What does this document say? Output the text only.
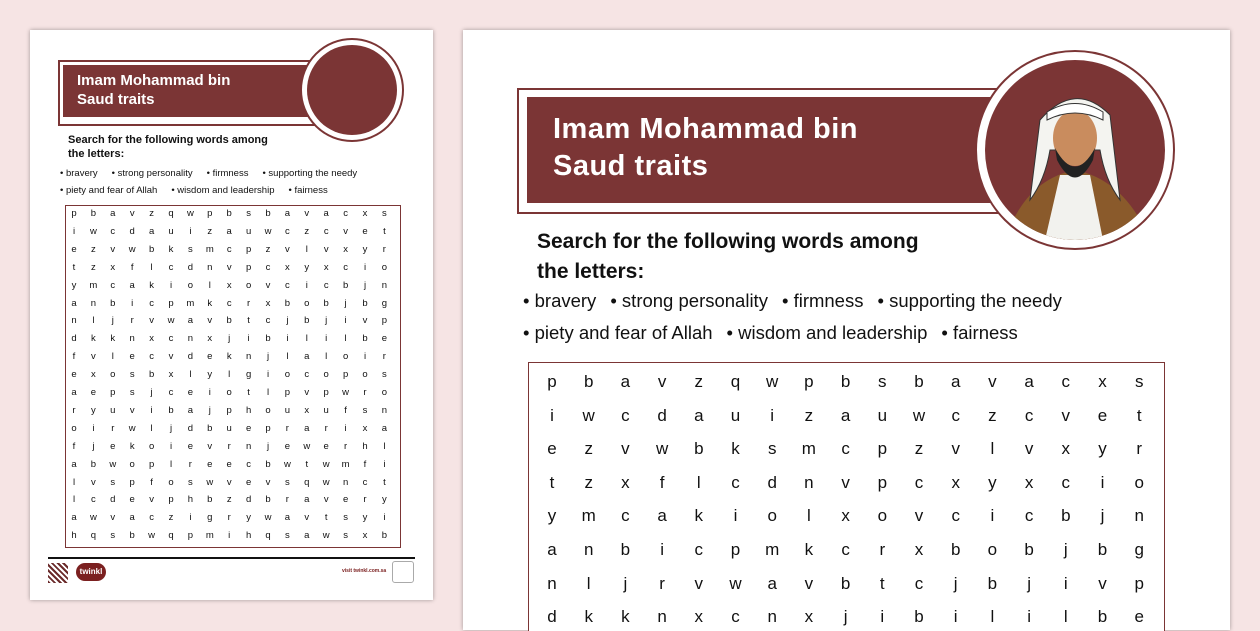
Imam Mohammad bin
Saud traits
Search for the following words among
the letters:
• bravery • strong personality • firmness • supporting the needy
• piety and fear of Allah • wisdom and leadership • fairness
p	b	a	v	z	q	w	p	b	s	b	a	v	a	c	x	s
i	w	c	d	a	u	i	z	a	u	w	c	z	c	v	e	t
e	z	v	w	b	k	s	m	c	p	z	v	l	v	x	y	r
t	z	x	f	l	c	d	n	v	p	c	x	y	x	c	i	o
y	m	c	a	k	i	o	l	x	o	v	c	i	c	b	j	n
a	n	b	i	c	p	m	k	c	r	x	b	o	b	j	b	g
n	l	j	r	v	w	a	v	b	t	c	j	b	j	i	v	p
d	k	k	n	x	c	n	x	j	i	b	i	l	i	l	b	e
f	v	l	e	c	v	d	e	k	n	j	l	a	l	o	i	r
e	x	o	s	b	x	l	y	l	g	i	o	c	o	p	o	s
a	e	p	s	j	c	e	i	o	t	l	p	v	p	w	r	o
r	y	u	v	i	b	a	j	p	h	o	u	x	u	f	s	n
o	i	r	w	l	j	d	b	u	e	p	r	a	r	i	x	a
f	j	e	k	o	i	e	v	r	n	j	e	w	e	r	h	l
a	b	w	o	p	l	r	e	e	c	b	w	t	w	m	f	i
l	v	s	p	f	o	s	w	v	e	v	s	q	w	n	c	t
l	c	d	e	v	p	h	b	z	d	b	r	a	v	e	r	у
a	w	v	a	c	z	i	g	r	y	w	a	v	t	s	y	i
h	q	s	b	w	q	p	m	i	h	q	s	a	w	s	x	b
twinkl	visit twinkl.com.sa
Imam Mohammad bin
Saud traits
Search for the following words among
the letters:
• bravery • strong personality • firmness • supporting the needy
• piety and fear of Allah • wisdom and leadership • fairness
p	b	a	v	z	q	w	p	b	s	b	a	v	a	c	x	s
i	w	c	d	a	u	i	z	a	u	w	c	z	c	v	e	t
e	z	v	w	b	k	s	m	c	p	z	v	l	v	x	y	r
t	z	x	f	l	c	d	n	v	p	c	x	y	x	c	i	o
y	m	c	a	k	i	o	l	x	o	v	c	i	c	b	j	n
a	n	b	i	c	p	m	k	c	r	x	b	o	b	j	b	g
n	l	j	r	v	w	a	v	b	t	c	j	b	j	i	v	p
d	k	k	n	x	c	n	x	j	i	b	i	l	i	l	b	e
